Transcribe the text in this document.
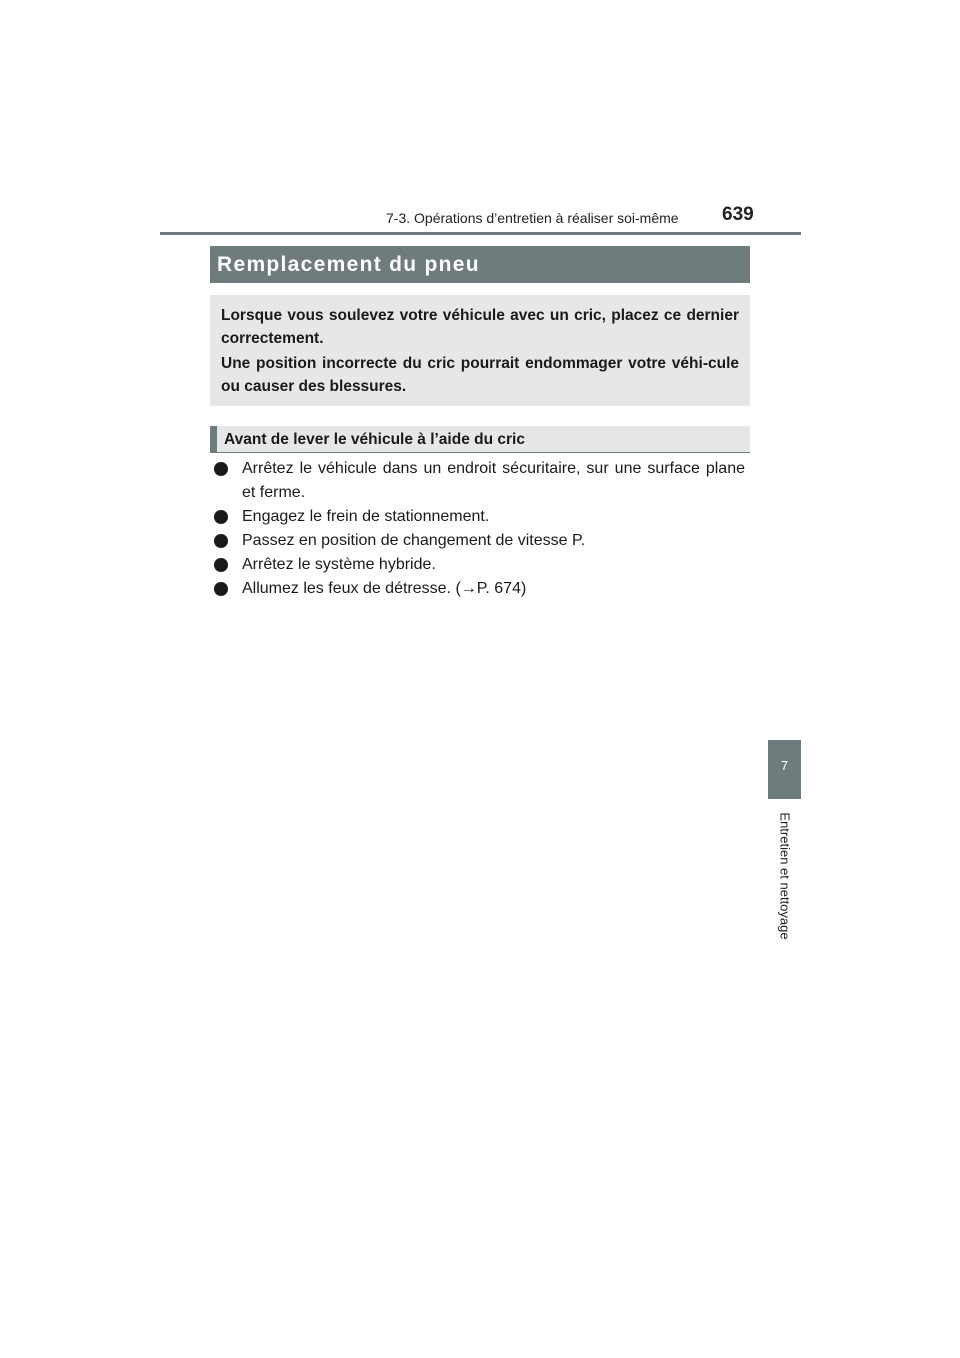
7-3. Opérations d’entretien à réaliser soi-même 639
7
Entretien et nettoyage
Remplacement du pneu

Lorsque vous soulevez votre véhicule avec un cric, placez ce dernier correctement.

Une position incorrecte du cric pourrait endommager votre véhi-cule ou causer des blessures.

Avant de lever le véhicule à l’aide du cric
Arrêtez le véhicule dans un endroit sécuritaire, sur une surface plane et ferme.
Engagez le frein de stationnement.
Passez en position de changement de vitesse P.
Arrêtez le système hybride.
Allumez les feux de détresse. (→P. 674)
